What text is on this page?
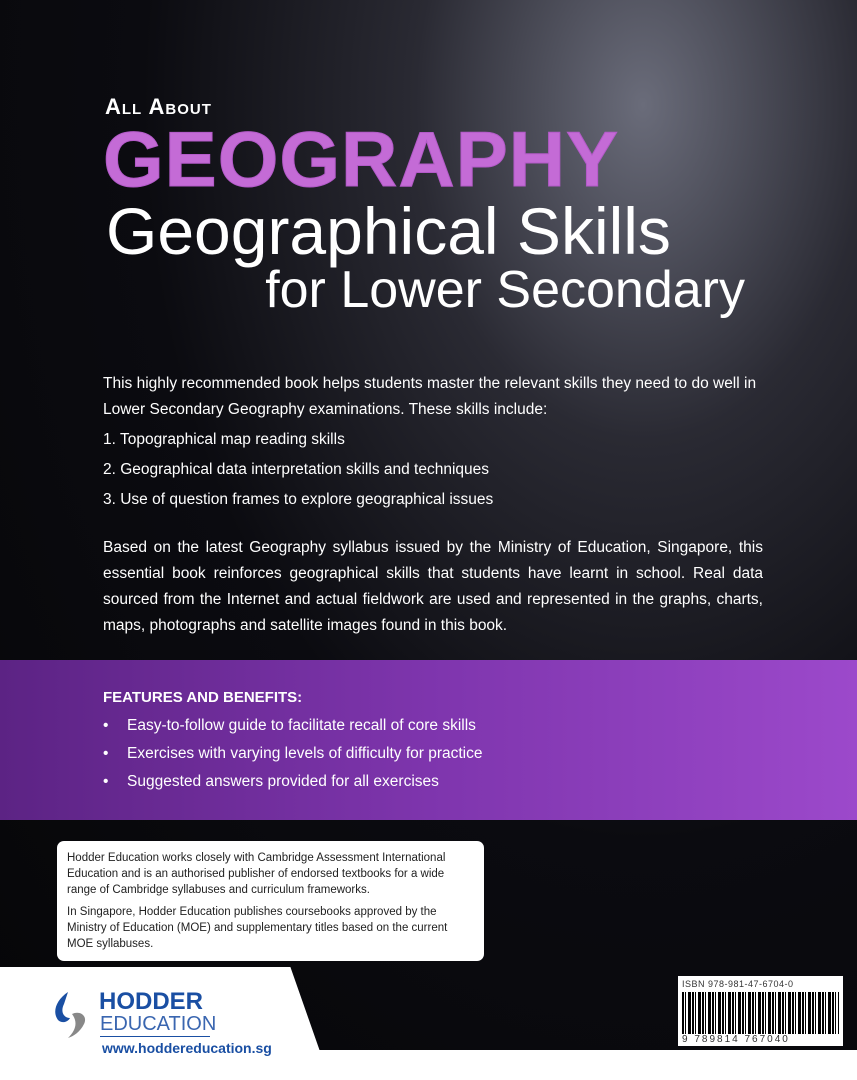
All About
GEOGRAPHY
Geographical Skills
for Lower Secondary
This highly recommended book helps students master the relevant skills they need to do well in Lower Secondary Geography examinations. These skills include:
1. Topographical map reading skills
2. Geographical data interpretation skills and techniques
3. Use of question frames to explore geographical issues
Based on the latest Geography syllabus issued by the Ministry of Education, Singapore, this essential book reinforces geographical skills that students have learnt in school. Real data sourced from the Internet and actual fieldwork are used and represented in the graphs, charts, maps, photographs and satellite images found in this book.
FEATURES AND BENEFITS:
• Easy-to-follow guide to facilitate recall of core skills
• Exercises with varying levels of difficulty for practice
• Suggested answers provided for all exercises

Hodder Education works closely with Cambridge Assessment International Education and is an authorised publisher of endorsed textbooks for a wide range of Cambridge syllabuses and curriculum frameworks.

In Singapore, Hodder Education publishes coursebooks approved by the Ministry of Education (MOE) and supplementary titles based on the current MOE syllabuses.

HODDER
EDUCATION
www.hoddereducation.sg
ISBN 978-981-47-6704-0
9 789814 767040
